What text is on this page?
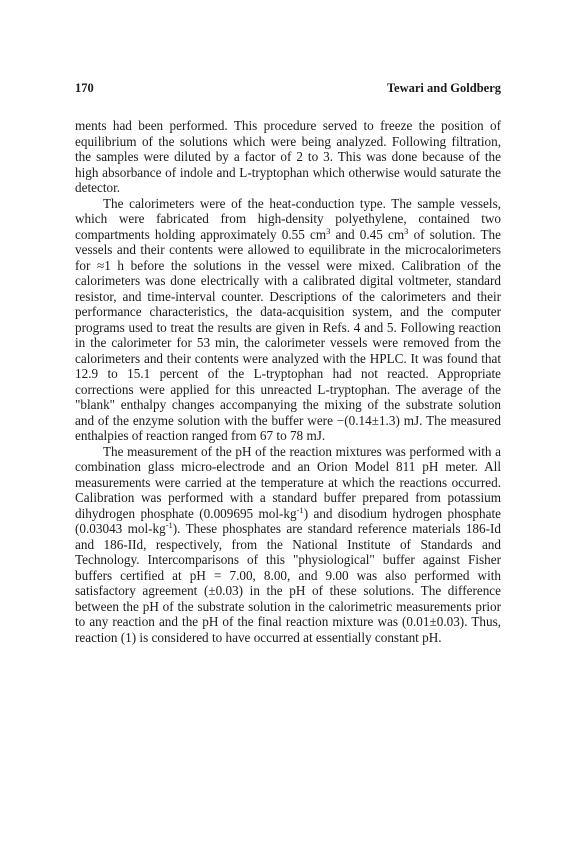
170	Tewari and Goldberg

ments had been performed. This procedure served to freeze the position of equilibrium of the solutions which were being analyzed. Following filtration, the samples were diluted by a factor of 2 to 3. This was done because of the high absorbance of indole and L-tryptophan which otherwise would saturate the detector.

The calorimeters were of the heat-conduction type. The sample vessels, which were fabricated from high-density polyethylene, contained two compartments holding approximately 0.55 $cm^3$ and 0.45 $cm^3$ of solution. The vessels and their contents were allowed to equilibrate in the microcalorimeters for ≈1 h before the solutions in the vessel were mixed. Calibration of the calorimeters was done electrically with a calibrated digital voltmeter, standard resistor, and time-interval counter. Descriptions of the calorimeters and their performance characteristics, the data-acquisition system, and the computer programs used to treat the results are given in Refs. 4 and 5. Following reaction in the calorimeter for 53 min, the calorimeter vessels were removed from the calorimeters and their contents were analyzed with the HPLC. It was found that 12.9 to 15.1 percent of the L-tryptophan had not reacted. Appropriate corrections were applied for this unreacted L-tryptophan. The average of the "blank" enthalpy changes accompanying the mixing of the substrate solution and of the enzyme solution with the buffer were −(0.14±1.3) mJ. The measured enthalpies of reaction ranged from 67 to 78 mJ.

The measurement of the pH of the reaction mixtures was performed with a combination glass micro-electrode and an Orion Model 811 pH meter. All measurements were carried at the temperature at which the reactions occurred. Calibration was performed with a standard buffer prepared from potassium dihydrogen phosphate (0.009695 mol-$kg^{-1}$) and disodium hydrogen phosphate (0.03043 mol-$kg^{-1}$). These phosphates are standard reference materials 186-Id and 186-IId, respectively, from the National Institute of Standards and Technology. Intercomparisons of this "physiological" buffer against Fisher buffers certified at pH = 7.00, 8.00, and 9.00 was also performed with satisfactory agreement (±0.03) in the pH of these solutions. The difference between the pH of the substrate solution in the calorimetric measurements prior to any reaction and the pH of the final reaction mixture was (0.01±0.03). Thus, reaction (1) is considered to have occurred at essentially constant pH.
